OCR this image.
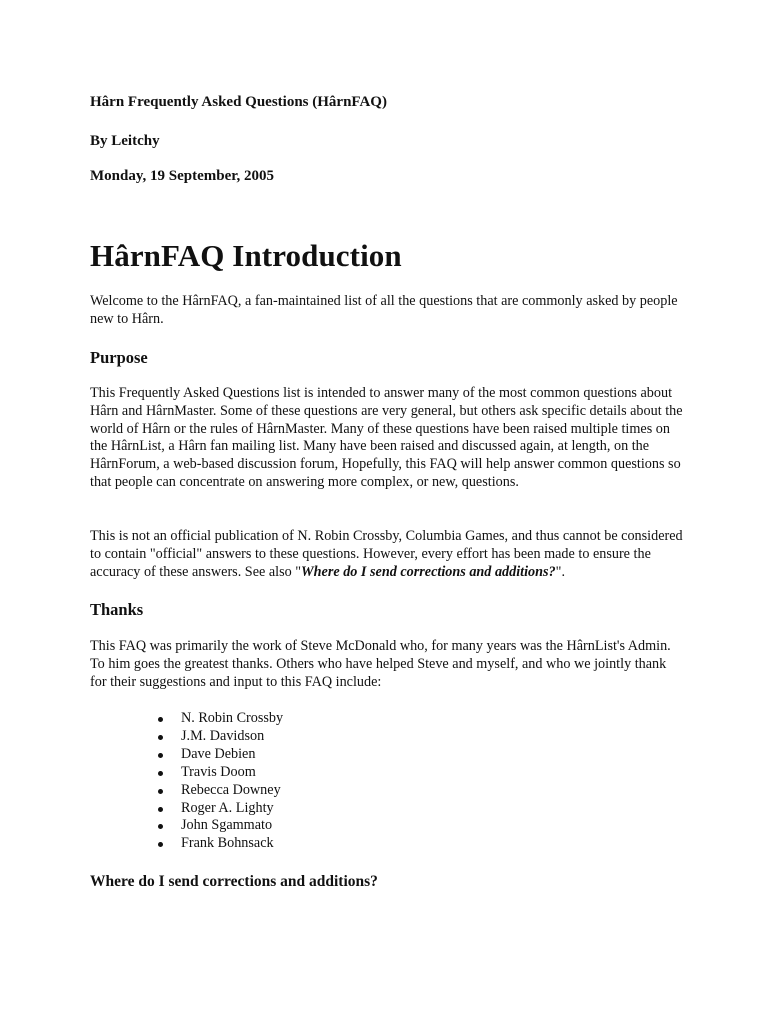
Hârn Frequently Asked Questions (HârnFAQ)

By Leitchy

Monday, 19 September, 2005

HârnFAQ Introduction

Welcome to the HârnFAQ, a fan-maintained list of all the questions that are commonly asked by people new to Hârn.

Purpose

This Frequently Asked Questions list is intended to answer many of the most common questions about Hârn and HârnMaster. Some of these questions are very general, but others ask specific details about the world of Hârn or the rules of HârnMaster. Many of these questions have been raised multiple times on the HârnList, a Hârn fan mailing list. Many have been raised and discussed again, at length, on the HârnForum, a web-based discussion forum, Hopefully, this FAQ will help answer common questions so that people can concentrate on answering more complex, or new, questions.

This is not an official publication of N. Robin Crossby, Columbia Games, and thus cannot be considered to contain "official" answers to these questions. However, every effort has been made to ensure the accuracy of these answers. See also "Where do I send corrections and additions?".

Thanks

This FAQ was primarily the work of Steve McDonald who, for many years was the HârnList's Admin. To him goes the greatest thanks. Others who have helped Steve and myself, and who we jointly thank for their suggestions and input to this FAQ include:

N. Robin Crossby
J.M. Davidson
Dave Debien
Travis Doom
Rebecca Downey
Roger A. Lighty
John Sgammato
Frank Bohnsack
Where do I send corrections and additions?
